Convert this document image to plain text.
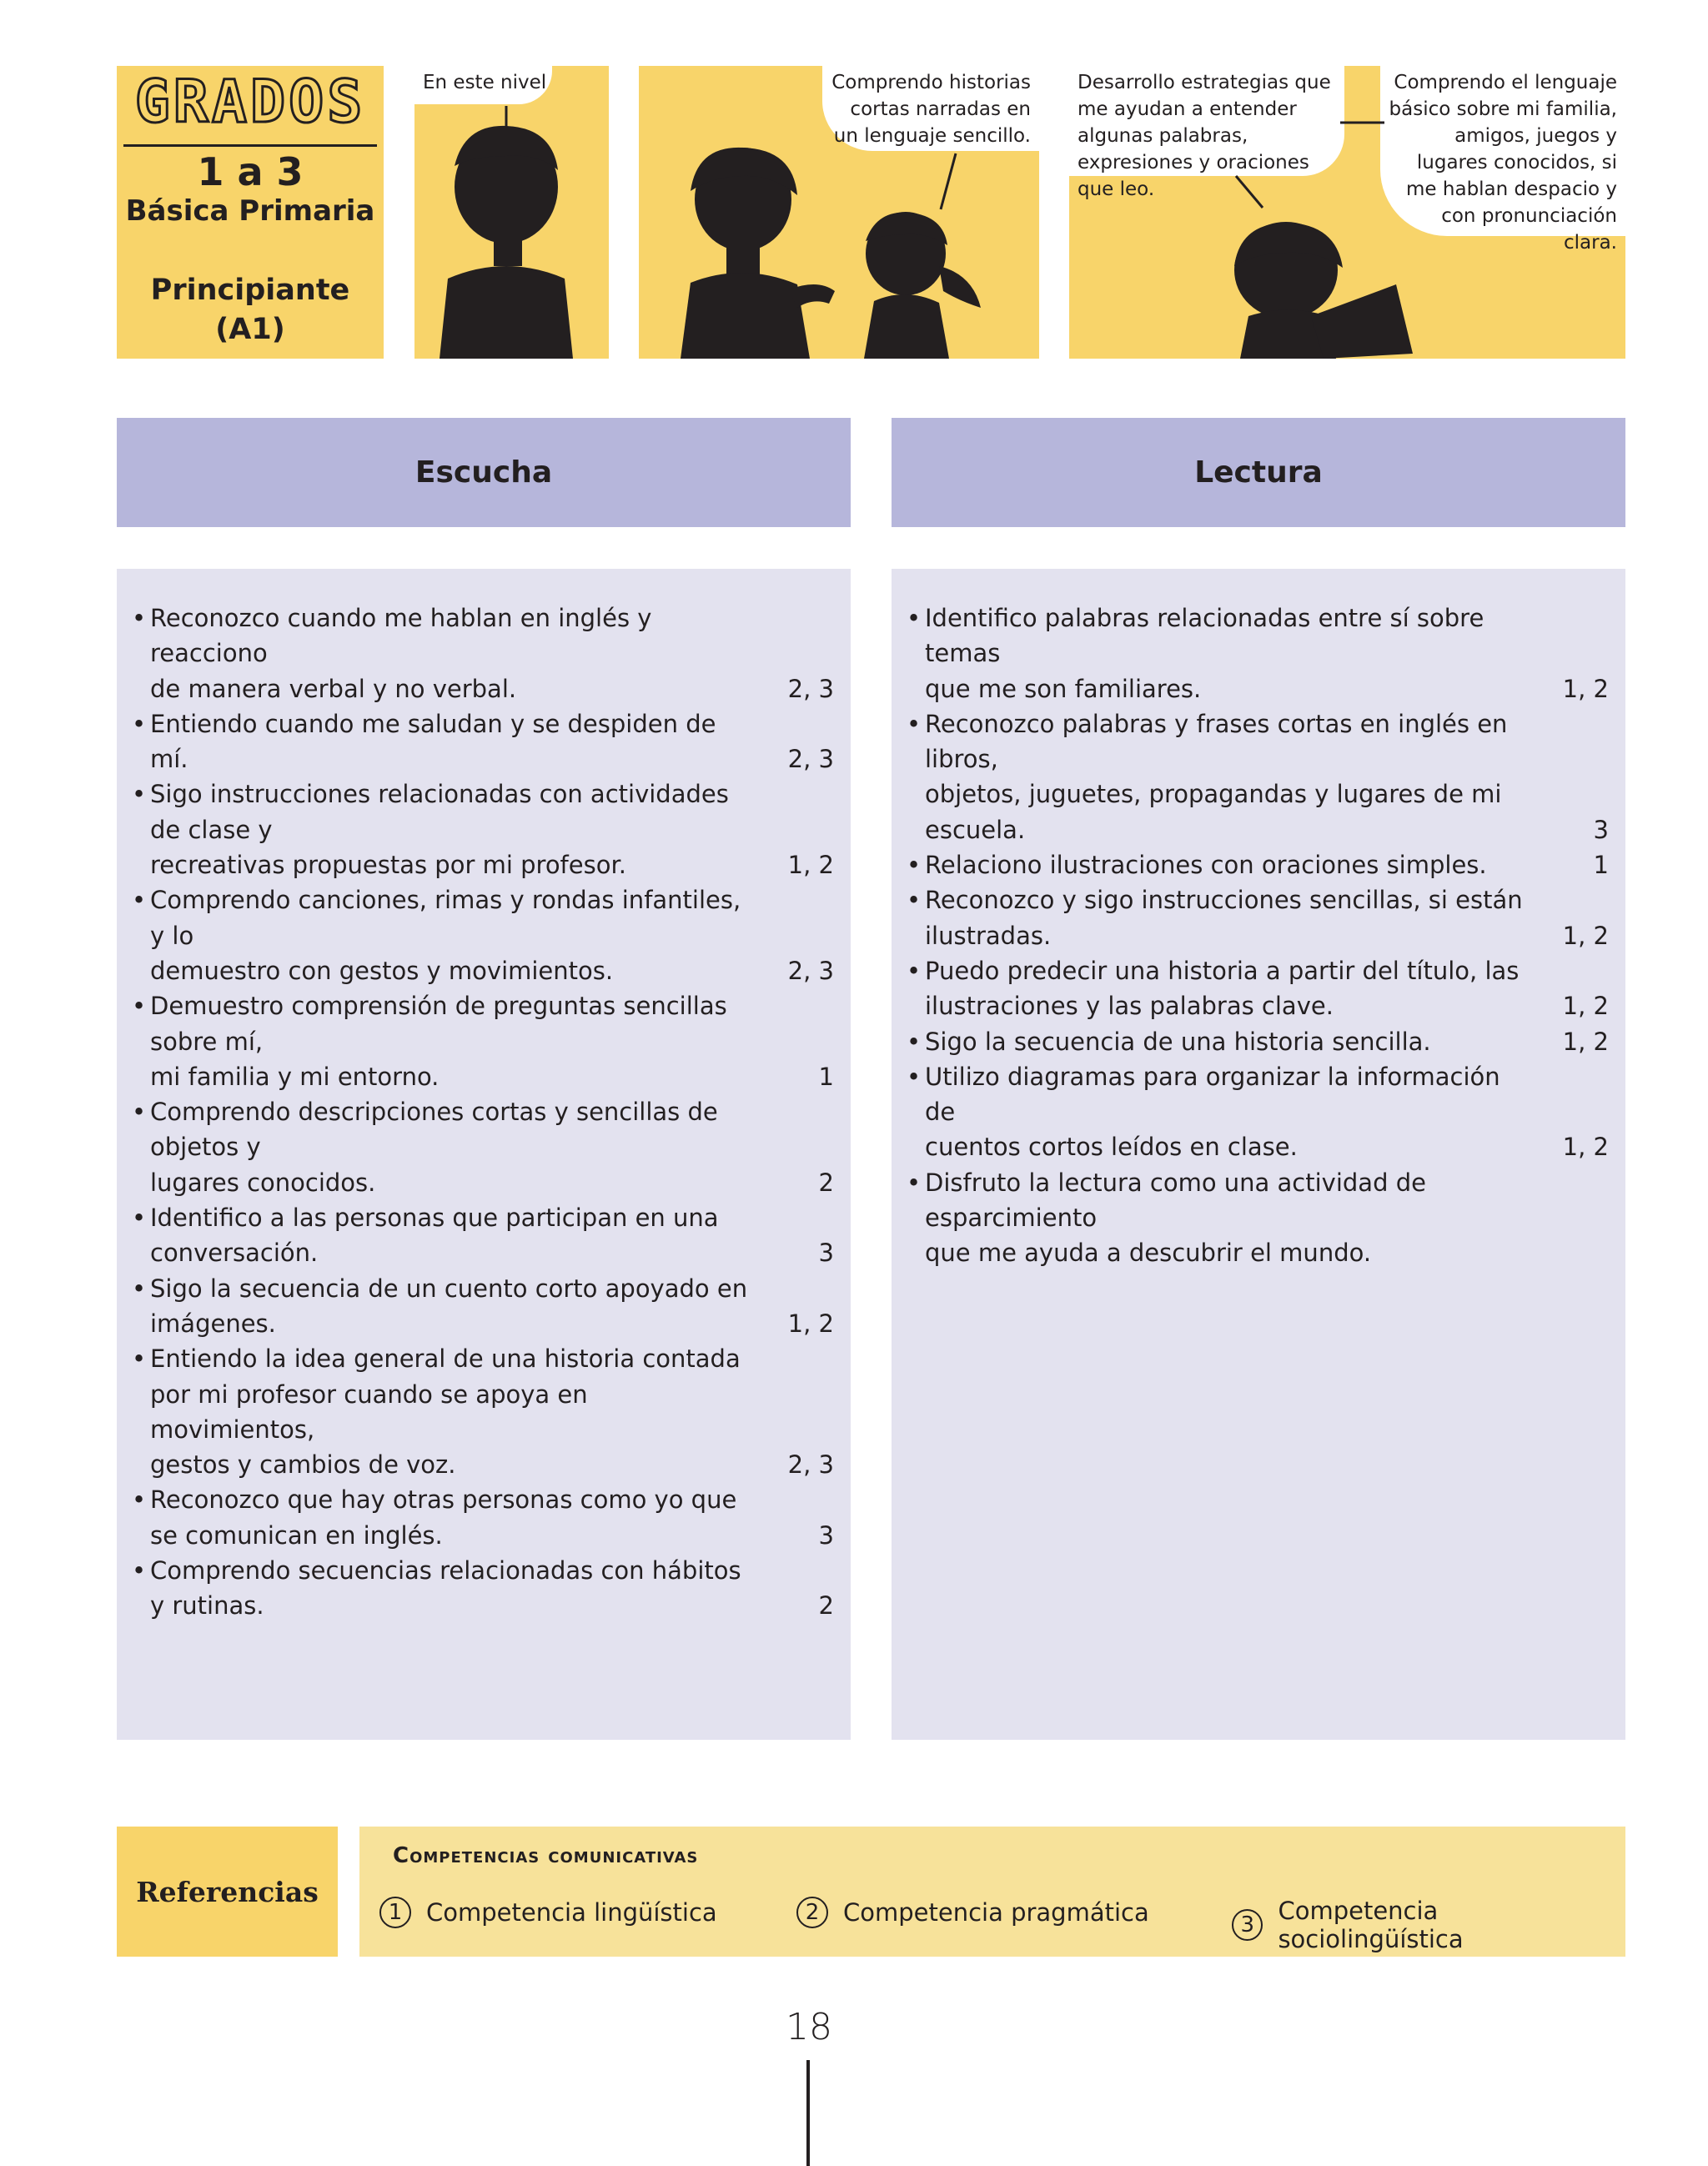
GRADOS
1 a 3
Básica Primaria
Principiante
(A1)
En este nivel	Comprendo historias cortas narradas en un lenguaje sencillo.
Desarrollo estrategias que me ayudan a entender algunas palabras, expresiones y oraciones que leo.
Comprendo el lenguaje básico sobre mi familia, amigos, juegos y lugares conocidos, si me hablan despacio y con pronunciación clara.
Escucha	Lectura
• Reconozco cuando me hablan en inglés y reacciono
de manera verbal y no verbal.	2, 3
• Entiendo cuando me saludan y se despiden de mí.	2, 3
• Sigo instrucciones relacionadas con actividades de clase y
recreativas propuestas por mi profesor.	1, 2
• Comprendo canciones, rimas y rondas infantiles, y lo
demuestro con gestos y movimientos.	2, 3
• Demuestro comprensión de preguntas sencillas sobre mí,
mi familia y mi entorno.	1
• Comprendo descripciones cortas y sencillas de objetos y
lugares conocidos.	2
• Identifico a las personas que participan en una
conversación.	3
• Sigo la secuencia de un cuento corto apoyado en
imágenes.	1, 2
• Entiendo la idea general de una historia contada
por mi profesor cuando se apoya en movimientos,
gestos y cambios de voz.	2, 3
• Reconozco que hay otras personas como yo que
se comunican en inglés.	3
• Comprendo secuencias relacionadas con hábitos
y rutinas.	2
• Identifico palabras relacionadas entre sí sobre temas
que me son familiares.	1, 2
• Reconozco palabras y frases cortas en inglés en libros,
objetos, juguetes, propagandas y lugares de mi escuela.	3
• Relaciono ilustraciones con oraciones simples.	1
• Reconozco y sigo instrucciones sencillas, si están
ilustradas.	1, 2
• Puedo predecir una historia a partir del título, las
ilustraciones y las palabras clave.	1, 2
• Sigo la secuencia de una historia sencilla.	1, 2
• Utilizo diagramas para organizar la información de
cuentos cortos leídos en clase.	1, 2
• Disfruto la lectura como una actividad de esparcimiento
que me ayuda a descubrir el mundo.
Referencias
Competencias comunicativas
1 Competencia lingüística	2 Competencia pragmática	3 Competencia sociolingüística
18
